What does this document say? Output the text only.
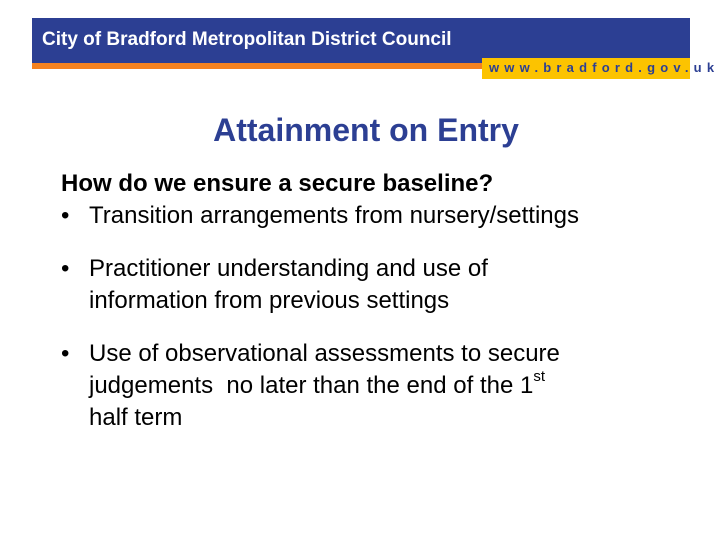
City of Bradford Metropolitan District Council
www.bradford.gov.uk
Attainment on Entry

How do we ensure a secure baseline?

• Transition arrangements from nursery/settings

• Practitioner understanding and use of
information from previous settings

• Use of observational assessments to secure
judgements  no later than the end of the 1st
half term
